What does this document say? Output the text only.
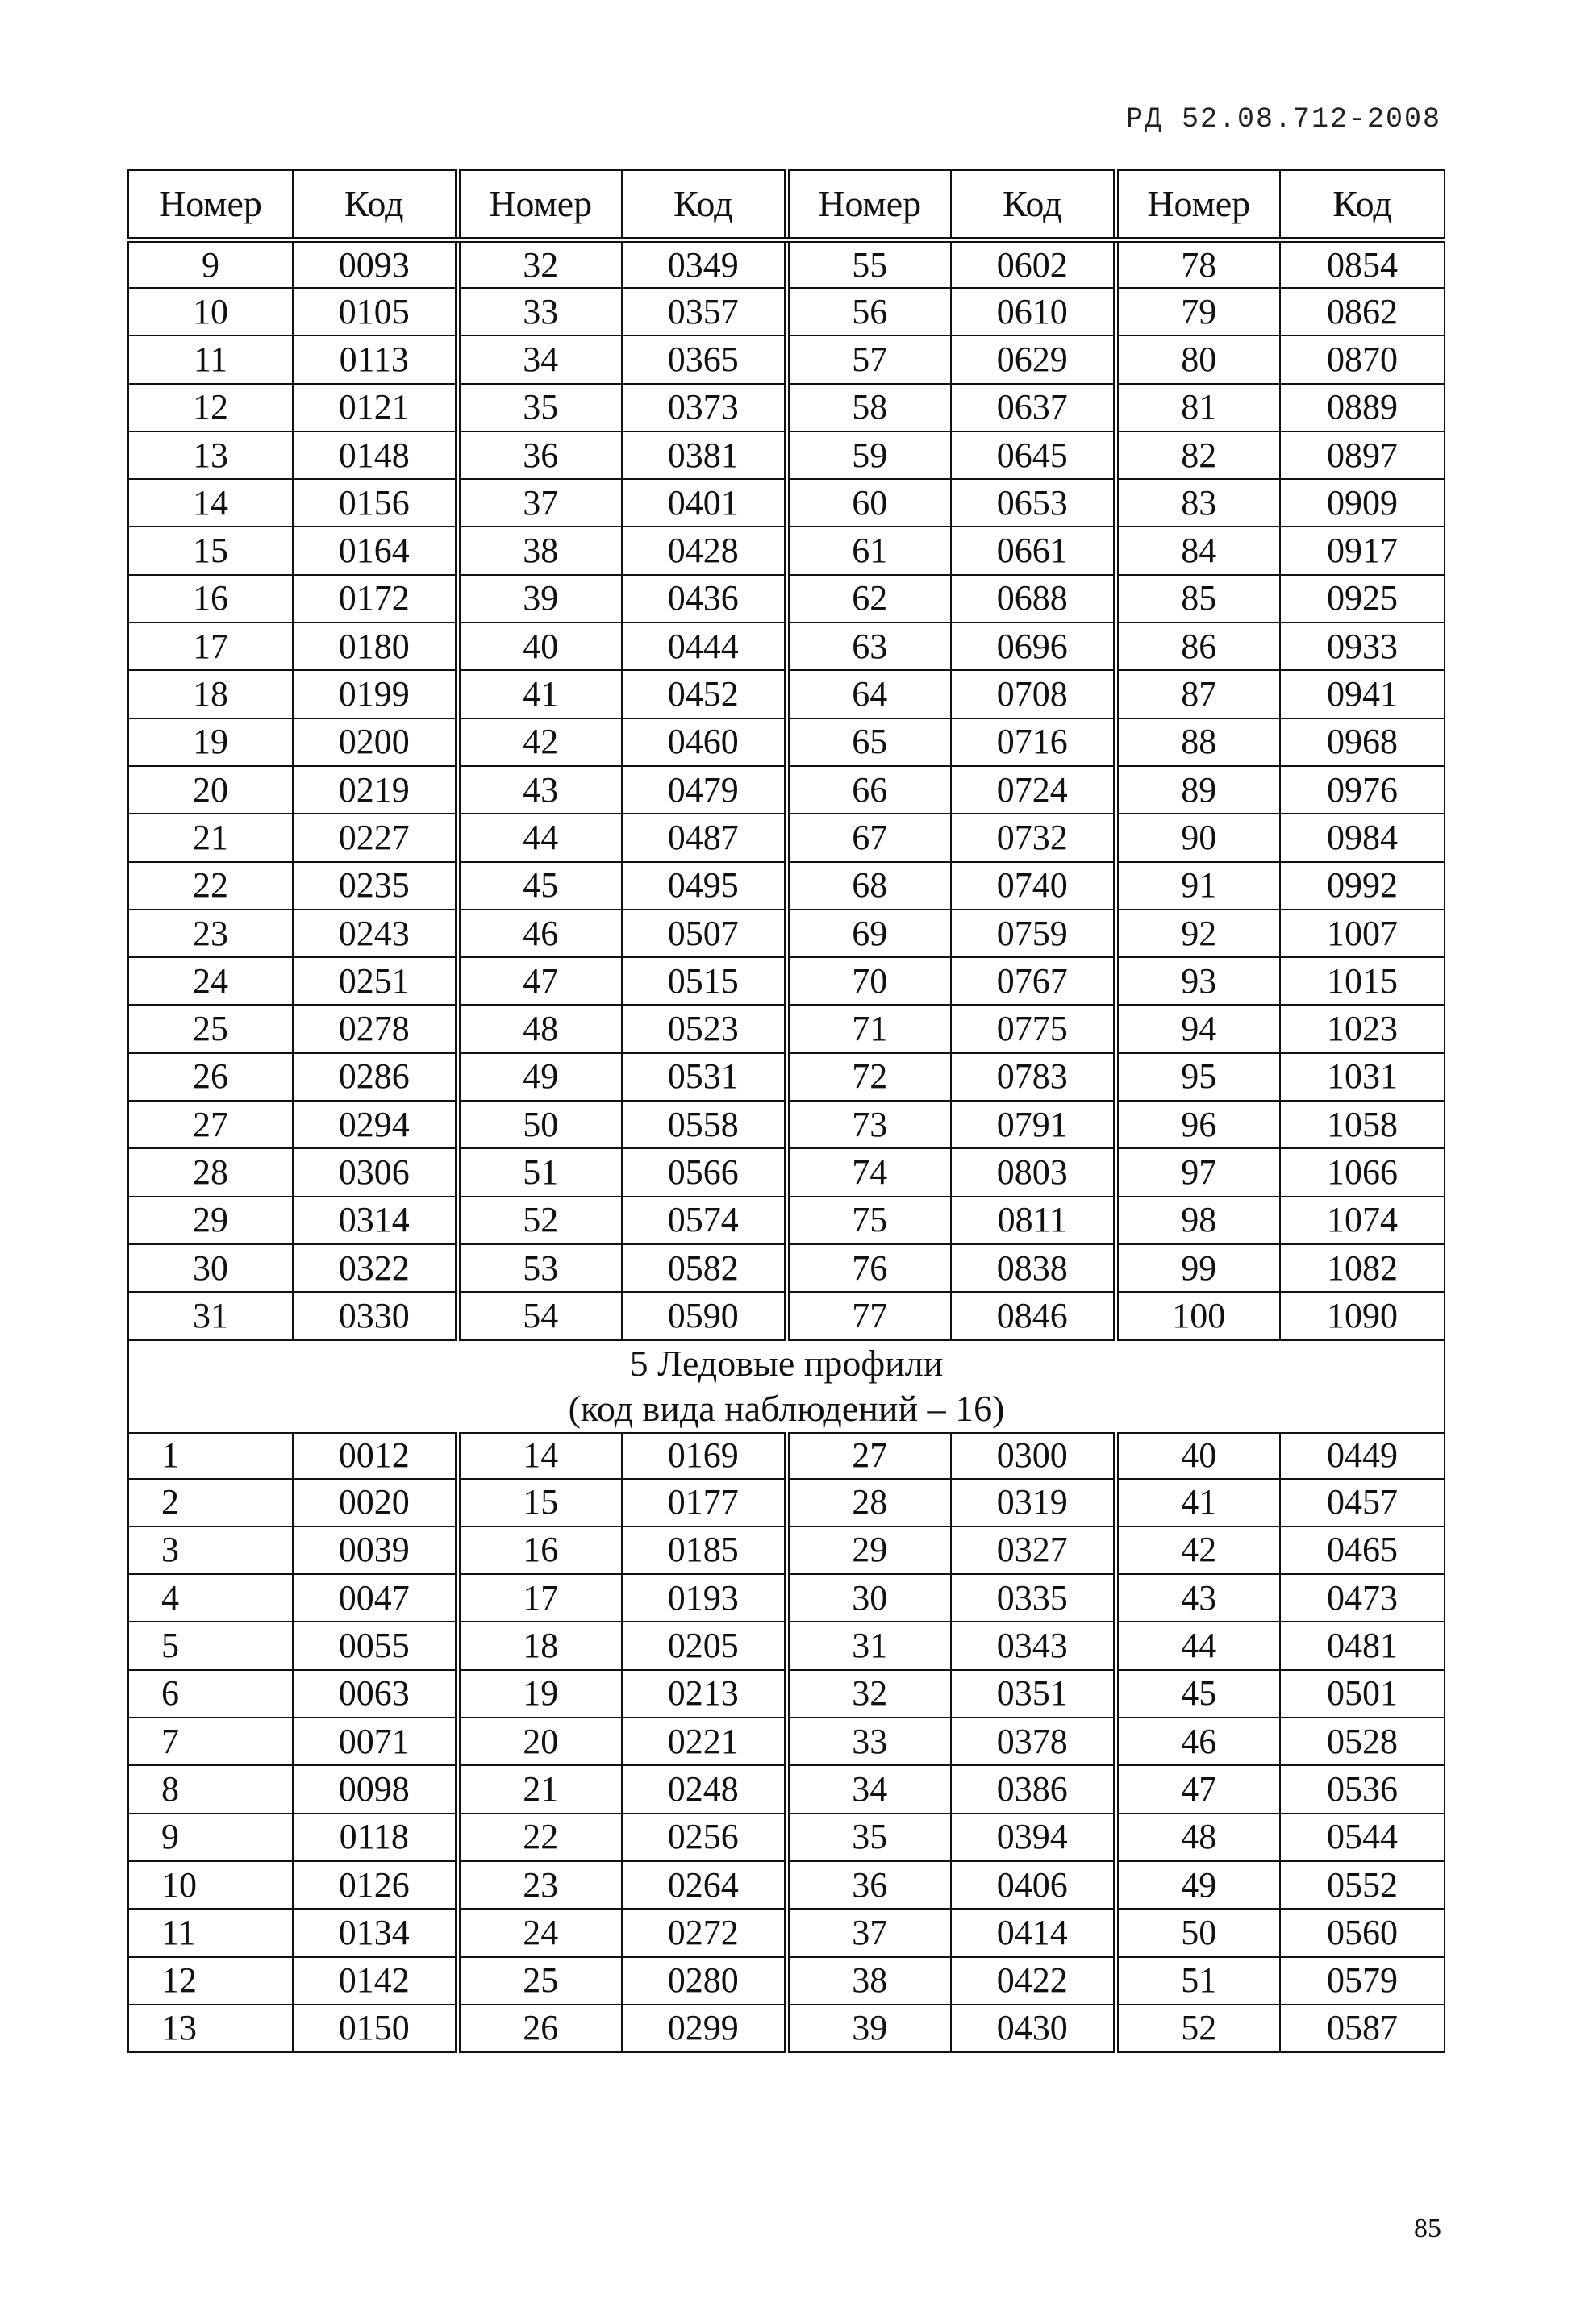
РД 52.08.712-2008
Номер	Код	Номер	Код	Номер	Код	Номер	Код
9	0093	32	0349	55	0602	78	0854
10	0105	33	0357	56	0610	79	0862
11	0113	34	0365	57	0629	80	0870
12	0121	35	0373	58	0637	81	0889
13	0148	36	0381	59	0645	82	0897
14	0156	37	0401	60	0653	83	0909
15	0164	38	0428	61	0661	84	0917
16	0172	39	0436	62	0688	85	0925
17	0180	40	0444	63	0696	86	0933
18	0199	41	0452	64	0708	87	0941
19	0200	42	0460	65	0716	88	0968
20	0219	43	0479	66	0724	89	0976
21	0227	44	0487	67	0732	90	0984
22	0235	45	0495	68	0740	91	0992
23	0243	46	0507	69	0759	92	1007
24	0251	47	0515	70	0767	93	1015
25	0278	48	0523	71	0775	94	1023
26	0286	49	0531	72	0783	95	1031
27	0294	50	0558	73	0791	96	1058
28	0306	51	0566	74	0803	97	1066
29	0314	52	0574	75	0811	98	1074
30	0322	53	0582	76	0838	99	1082
31	0330	54	0590	77	0846	100	1090

5 Ледовые профили
(код вида наблюдений – 16)							

1	0012	14	0169	27	0300	40	0449
2	0020	15	0177	28	0319	41	0457
3	0039	16	0185	29	0327	42	0465
4	0047	17	0193	30	0335	43	0473
5	0055	18	0205	31	0343	44	0481
6	0063	19	0213	32	0351	45	0501
7	0071	20	0221	33	0378	46	0528
8	0098	21	0248	34	0386	47	0536
9	0118	22	0256	35	0394	48	0544
10	0126	23	0264	36	0406	49	0552
11	0134	24	0272	37	0414	50	0560
12	0142	25	0280	38	0422	51	0579
13	0150	26	0299	39	0430	52	0587
85
